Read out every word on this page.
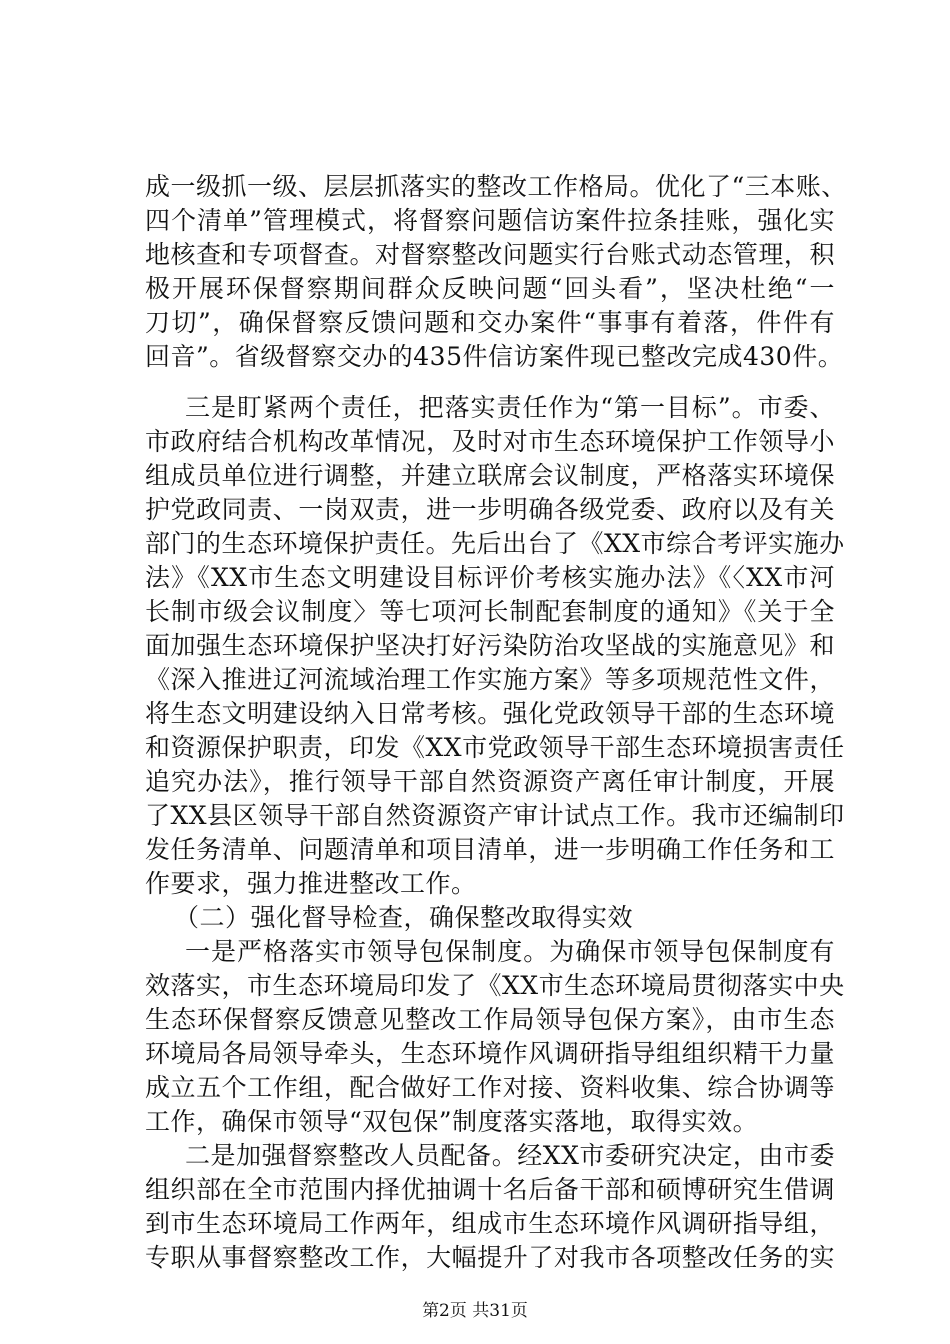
成一级抓一级、层层抓落实的整改工作格局。优化了“三本账、
四个清单”管理模式，将督察问题信访案件拉条挂账，强化实
地核查和专项督查。对督察整改问题实行台账式动态管理，积
极开展环保督察期间群众反映问题“回头看”，坚决杜绝“一
刀切”，确保督察反馈问题和交办案件“事事有着落，件件有
回音”。省级督察交办的435件信访案件现已整改完成430件。
三是盯紧两个责任，把落实责任作为“第一目标”。市委、
市政府结合机构改革情况，及时对市生态环境保护工作领导小
组成员单位进行调整，并建立联席会议制度，严格落实环境保
护党政同责、一岗双责，进一步明确各级党委、政府以及有关
部门的生态环境保护责任。先后出台了《XX市综合考评实施办
法》《XX市生态文明建设目标评价考核实施办法》《〈XX市河
长制市级会议制度〉等七项河长制配套制度的通知》《关于全
面加强生态环境保护坚决打好污染防治攻坚战的实施意见》和
《深入推进辽河流域治理工作实施方案》等多项规范性文件，
将生态文明建设纳入日常考核。强化党政领导干部的生态环境
和资源保护职责，印发《XX市党政领导干部生态环境损害责任
追究办法》，推行领导干部自然资源资产离任审计制度，开展
了XX县区领导干部自然资源资产审计试点工作。我市还编制印
发任务清单、问题清单和项目清单，进一步明确工作任务和工
作要求，强力推进整改工作。
（二）强化督导检查，确保整改取得实效
一是严格落实市领导包保制度。为确保市领导包保制度有
效落实，市生态环境局印发了《XX市生态环境局贯彻落实中央
生态环保督察反馈意见整改工作局领导包保方案》，由市生态
环境局各局领导牵头，生态环境作风调研指导组组织精干力量
成立五个工作组，配合做好工作对接、资料收集、综合协调等
工作，确保市领导“双包保”制度落实落地，取得实效。
二是加强督察整改人员配备。经XX市委研究决定，由市委
组织部在全市范围内择优抽调十名后备干部和硕博研究生借调
到市生态环境局工作两年，组成市生态环境作风调研指导组，
专职从事督察整改工作，大幅提升了对我市各项整改任务的实
第2页 共31页
